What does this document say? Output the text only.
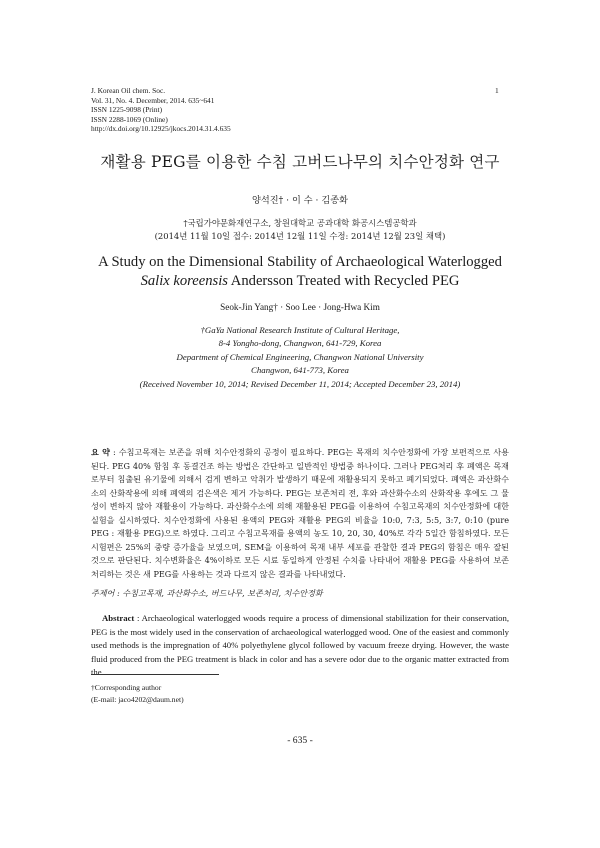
J. Korean Oil chem. Soc.
Vol. 31, No. 4. December, 2014. 635~641
ISSN 1225-9098 (Print)
ISSN 2288-1069 (Online)
http://dx.doi.org/10.12925/jkocs.2014.31.4.635
1
재활용 PEG를 이용한 수침 고버드나무의 치수안정화 연구
양석진† · 이 수 · 김종화
†국립가야문화재연구소, 창원대학교 공과대학 화공시스템공학과
(2014년 11월 10일 접수: 2014년 12월 11일 수정: 2014년 12월 23일 채택)
A Study on the Dimensional Stability of Archaeological Waterlogged
Salix koreensis Andersson Treated with Recycled PEG
Seok-Jin Yang† · Soo Lee · Jong-Hwa Kim
†GaYa National Research Institute of Cultural Heritage,
8-4 Yongho-dong, Changwon, 641-729, Korea
Department of Chemical Engineering, Changwon National University
Changwon, 641-773, Korea
(Received November 10, 2014; Revised December 11, 2014; Accepted December 23, 2014)
요 약 : 수침고목재는 보존을 위해 치수안정화의 공정이 필요하다. PEG는 목재의 치수안정화에 가장 보편적으로 사용된다. PEG 40% 함침 후 동결건조 하는 방법은 간단하고 일반적인 방법중 하나이다. 그러나 PEG처리 후 폐액은 목재로부터 침출된 유기물에 의해서 검게 변하고 악취가 발생하기 때문에 재활용되지 못하고 폐기되었다. 폐액은 과산화수소의 산화작용에 의해 폐액의 검은색은 제거 가능하다. PEG는 보존처리 전, 후와 과산화수소의 산화작용 후에도 그 물성이 변하지 않아 재활용이 가능하다. 과산화수소에 의해 재활용된 PEG를 이용하여 수침고목재의 치수안정화에 대한 실험을 실시하였다. 치수안정화에 사용된 용액의 PEG와 재활용 PEG의 비율을 10:0, 7:3, 5:5, 3:7, 0:10 (pure PEG : 재활용 PEG)으로 하였다. 그리고 수침고목재를 용액의 농도 10, 20, 30, 40%로 각각 5일간 함침하였다. 모든 시험편은 25%의 중량 증가율을 보였으며, SEM을 이용하여 목재 내부 세포를 관찰한 결과 PEG의 함침은 매우 잘된 것으로 판단된다. 치수변화율은 4%이하로 모든 시료 동일하게 안정된 수치를 나타내어 재활용 PEG를 사용하여 보존처리하는 것은 새 PEG를 사용하는 것과 다르지 않은 결과를 나타내었다.
주제어 : 수침고목재, 과산화수소, 버드나무, 보존처리, 치수안정화
Abstract : Archaeological waterlogged woods require a process of dimensional stabilization for their conservation, PEG is the most widely used in the conservation of archaeological waterlogged wood. One of the easiest and commonly used methods is the impregnation of 40% polyethylene glycol followed by vacuum freeze drying. However, the waste fluid produced from the PEG treatment is black in color and has a severe odor due to the organic matter extracted from the
†Corresponding author
(E-mail: jaco4202@daum.net)
- 635 -
